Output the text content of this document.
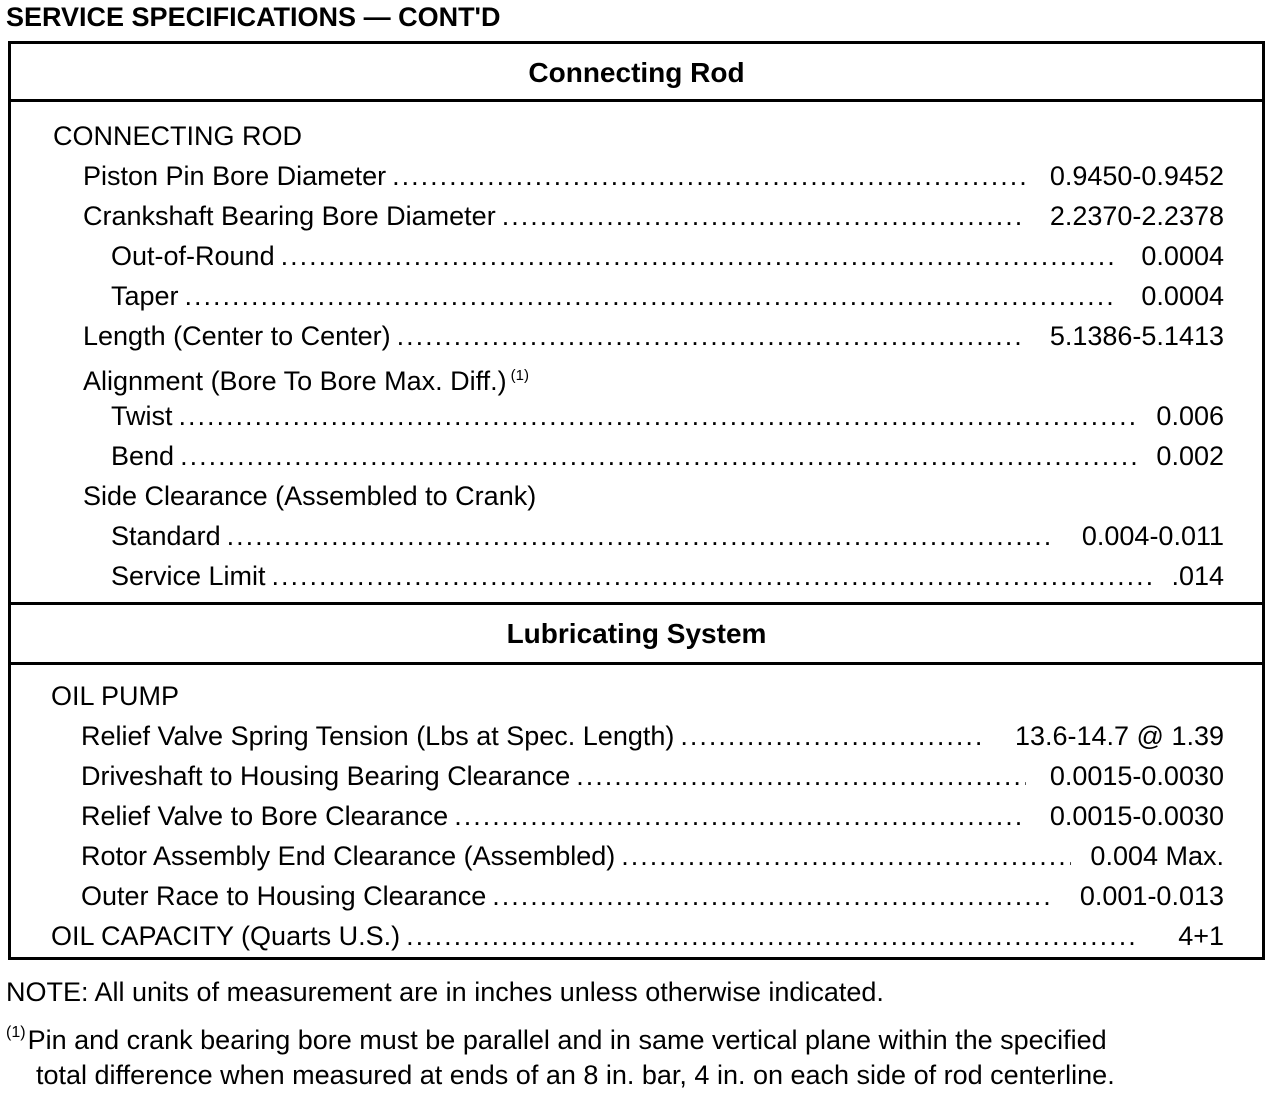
SERVICE SPECIFICATIONS — CONT'D
Connecting Rod
CONNECTING ROD
Piston Pin Bore Diameter .....	0.9450-0.9452
Crankshaft Bearing Bore Diameter .....	2.2370-2.2378
Out-of-Round .....	0.0004
Taper .....	0.0004
Length (Center to Center) .....	5.1386-5.1413
Alignment (Bore To Bore Max. Diff.) $^{(1)}$
Twist .....	0.006
Bend .....	0.002
Side Clearance (Assembled to Crank)
Standard .....	0.004-0.011
Service Limit .....	.014
Lubricating System
OIL PUMP
Relief Valve Spring Tension (Lbs at Spec. Length) .....	13.6-14.7 @ 1.39
Driveshaft to Housing Bearing Clearance .....	0.0015-0.0030
Relief Valve to Bore Clearance .....	0.0015-0.0030
Rotor Assembly End Clearance (Assembled) .....	0.004 Max.
Outer Race to Housing Clearance .....	0.001-0.013
OIL CAPACITY (Quarts U.S.) .....	4+1
NOTE: All units of measurement are in inches unless otherwise indicated.
$^{(1)}$Pin and crank bearing bore must be parallel and in same vertical plane within the specified
total difference when measured at ends of an 8 in. bar, 4 in. on each side of rod centerline.
